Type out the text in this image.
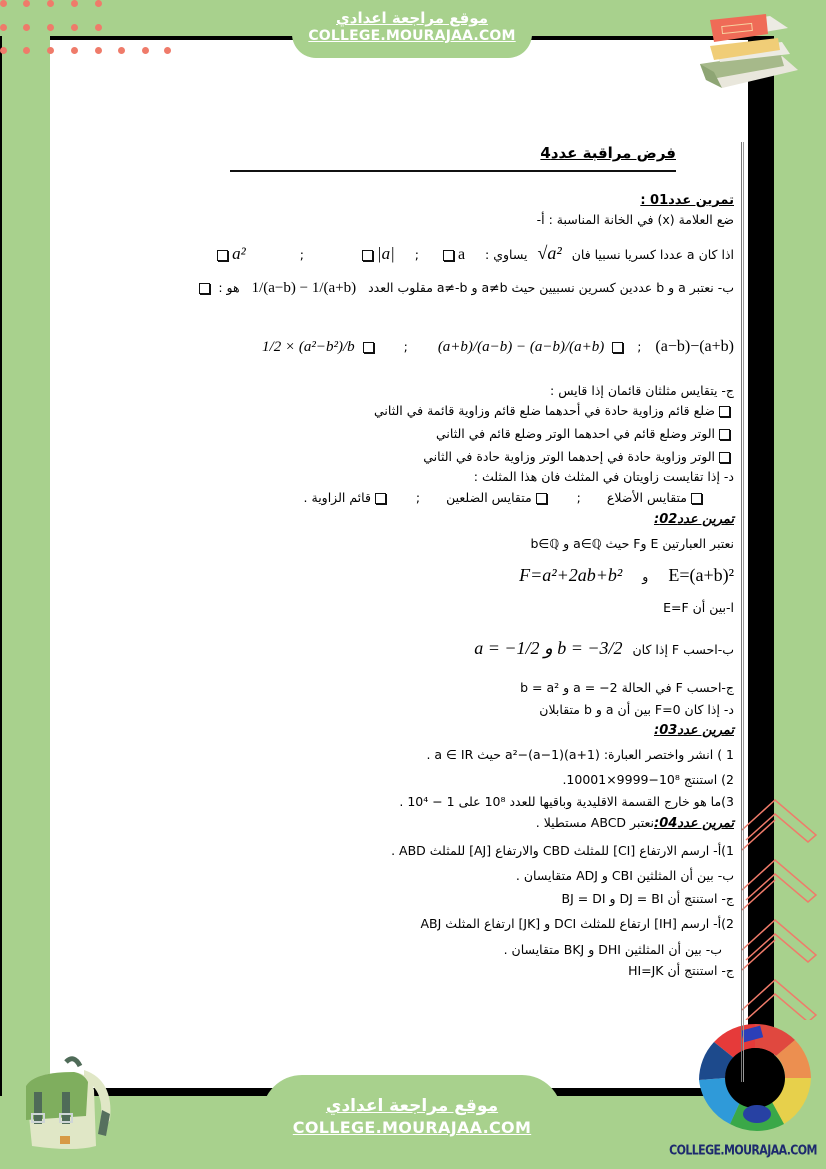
موقع مراجعة اعدادي
COLLEGE.MOURAJAA.COM
COLLEGE.MOURAJAA.COM
موقع مراجعة اعدادي
COLLEGE.MOURAJAA.COM
فرض مراقبة عدد4
تمرين عدد01 :
ضع العلامة (x) في الخانة المناسبة : أ-
اذا كان a عددا كسريا نسبيا فان √a² يساوي :  a ; |a| ; a²
ب- نعتبر a و b عددين كسرين نسبيين حيث a≠b و a≠-b مقلوب العدد 1/(a−b) − 1/(a+b) هو :
(a−b)−(a+b) ; (a+b)/(a−b) − (a−b)/(a+b) ; 1/2 × (a²−b²)/b
ج- يتقايس مثلثان قائمان إذا قايس :
ضلع قائم وزاوية حادة في أحدهما ضلع قائم وزاوية قائمة في الثاني
الوتر وضلع قائم في احدهما الوتر وضلع قائم في الثاني
الوتر وزاوية حادة في إحدهما الوتر وزاوية حادة في الثاني
د- إذا تقايست زاويتان في المثلث فان هذا المثلث :
متقايس الأضلاع ; متقايس الضلعين ; قائم الزاوية .
تمرين عدد02:
نعتبر العبارتين E وF حيث a∈ℚ و b∈ℚ
E=(a+b)² و F=a²+2ab+b²
ا-بين أن E=F
ب-احسب F إذا كان a = −1/2 و b = −3/2
ج-احسب F في الحالة a = −2 و b = a²
د- إذا كان F=0 بين أن a و b متقابلان
تمرين عدد03:
1 ) انشر واختصر العبارة: (a+1)(a−1)−a² حيث a ∈ IR .
2) استنتج 10⁸−9999×10001.
3)ما هو خارج القسمة الاقليدية وباقيها للعدد 10⁸ على 1 − 10⁴ .
تمرين عدد04:نعتبر ABCD مستطيلا .
1)أ- ارسم الارتفاع [CI] للمثلث CBD والارتفاع [AJ] للمثلث ABD .
ب- بين أن المثلثين CBI و ADJ متقايسان .
ج- استنتج أن DJ = BI و BJ = DI
2)أ- ارسم [IH] ارتفاع للمثلث DCI و [JK] ارتفاع المثلث ABJ
ب- بين أن المثلثين DHI و BKJ متقايسان .
ج- استنتج أن HI=JK
